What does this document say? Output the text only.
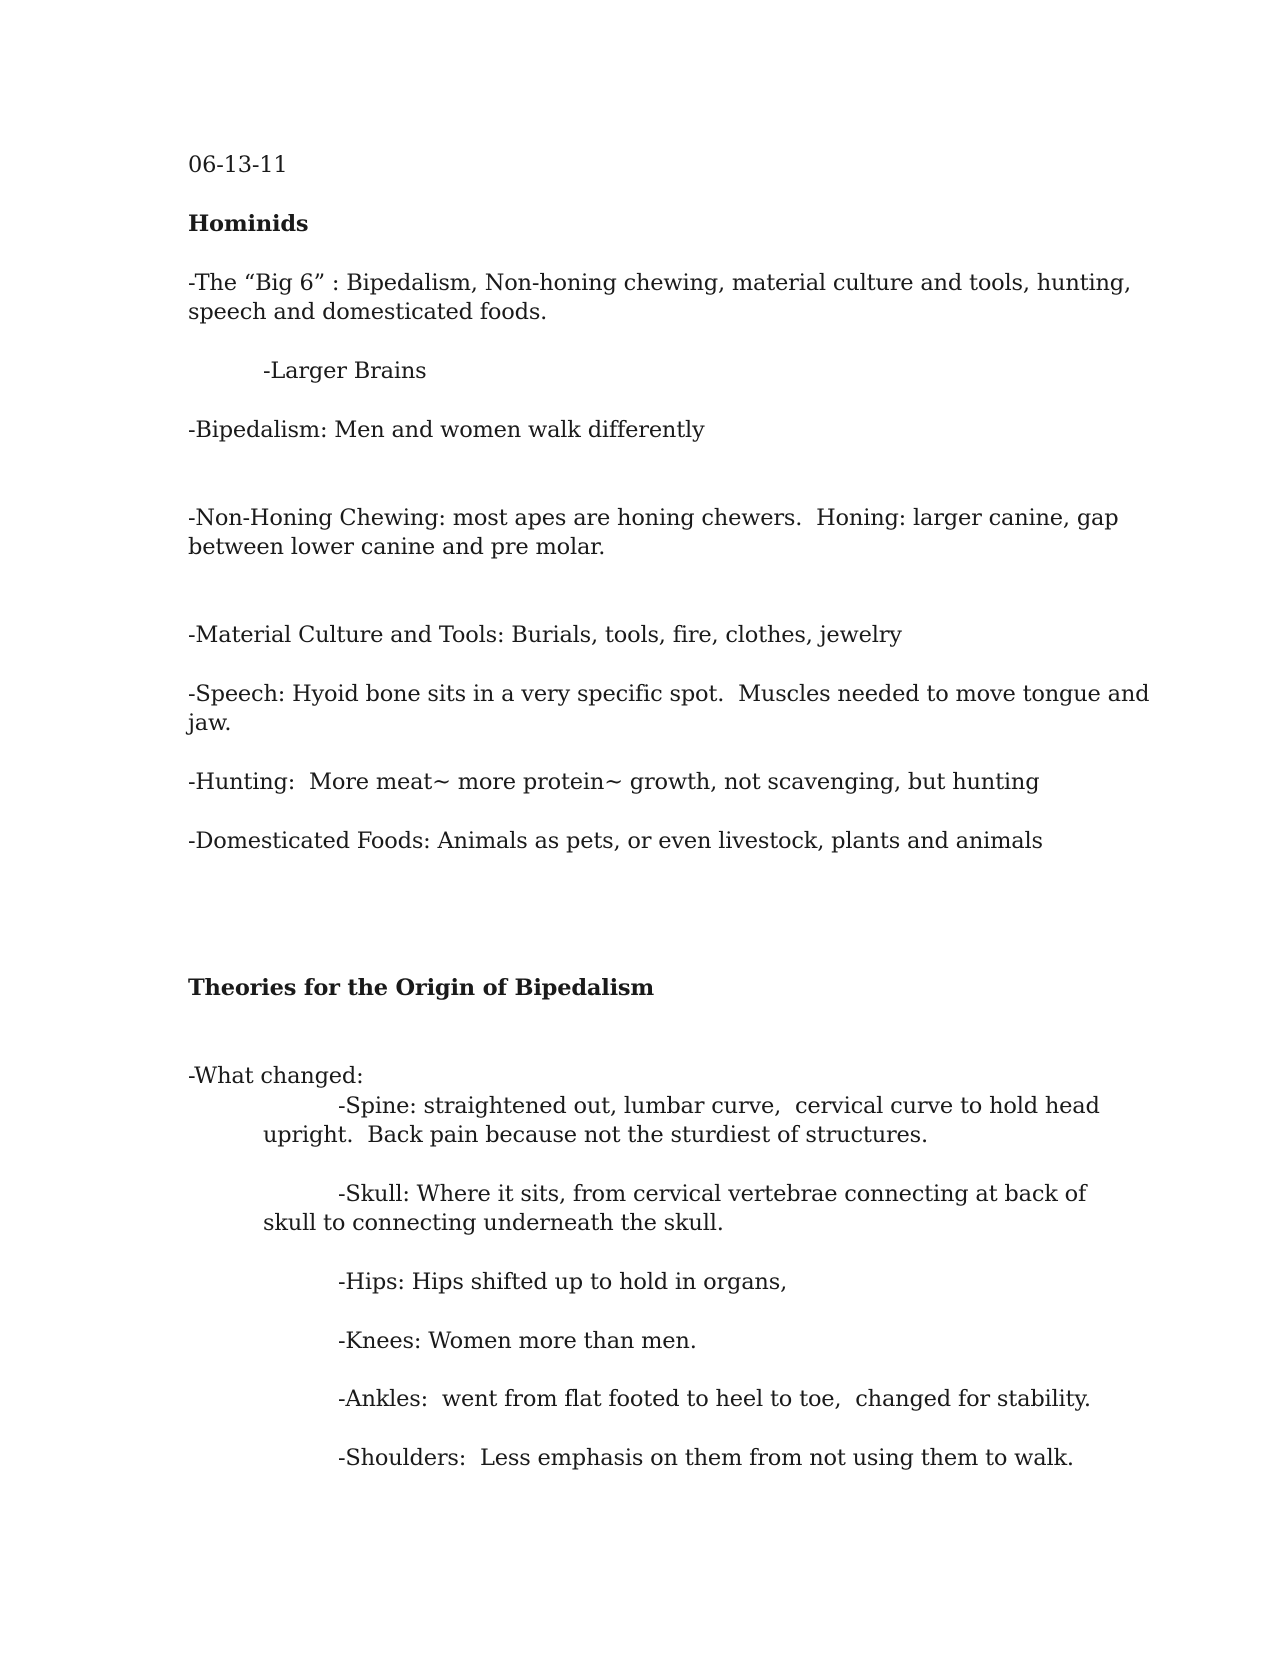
06-13-11
Hominids
-The “Big 6” : Bipedalism, Non-honing chewing, material culture and tools, hunting,
speech and domesticated foods.
-Larger Brains
-Bipedalism: Men and women walk differently
-Non-Honing Chewing: most apes are honing chewers.  Honing: larger canine, gap
between lower canine and pre molar.
-Material Culture and Tools: Burials, tools, fire, clothes, jewelry
-Speech: Hyoid bone sits in a very specific spot.  Muscles needed to move tongue and
jaw.
-Hunting:  More meat~ more protein~ growth, not scavenging, but hunting
-Domesticated Foods: Animals as pets, or even livestock, plants and animals
Theories for the Origin of Bipedalism
-What changed:
-Spine: straightened out, lumbar curve,  cervical curve to hold head
upright.  Back pain because not the sturdiest of structures.
-Skull: Where it sits, from cervical vertebrae connecting at back of
skull to connecting underneath the skull.
-Hips: Hips shifted up to hold in organs,
-Knees: Women more than men.
-Ankles:  went from flat footed to heel to toe,  changed for stability.
-Shoulders:  Less emphasis on them from not using them to walk.
